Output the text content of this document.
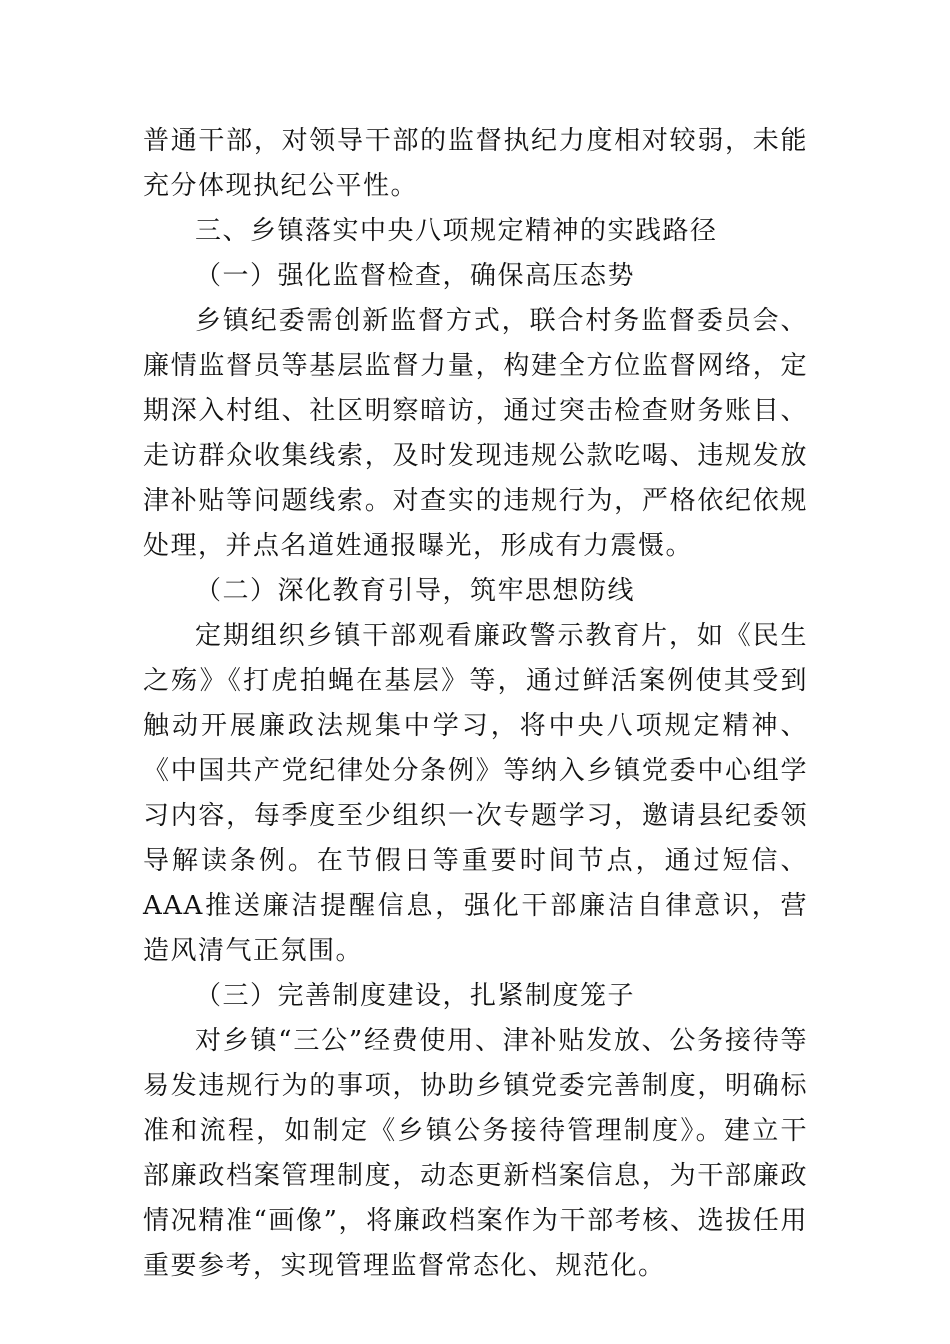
普通干部，对领导干部的监督执纪力度相对较弱，未能充分体现执纪公平性。

三、乡镇落实中央八项规定精神的实践路径

（一）强化监督检查，确保高压态势

乡镇纪委需创新监督方式，联合村务监督委员会、廉情监督员等基层监督力量，构建全方位监督网络，定期深入村组、社区明察暗访，通过突击检查财务账目、走访群众收集线索，及时发现违规公款吃喝、违规发放津补贴等问题线索。对查实的违规行为，严格依纪依规处理，并点名道姓通报曝光，形成有力震慑。

（二）深化教育引导，筑牢思想防线

定期组织乡镇干部观看廉政警示教育片，如《民生之殇》《打虎拍蝇在基层》等，通过鲜活案例使其受到触动开展廉政法规集中学习，将中央八项规定精神、《中国共产党纪律处分条例》等纳入乡镇党委中心组学习内容，每季度至少组织一次专题学习，邀请县纪委领导解读条例。在节假日等重要时间节点，通过短信、AAA推送廉洁提醒信息，强化干部廉洁自律意识，营造风清气正氛围。

（三）完善制度建设，扎紧制度笼子

对乡镇“三公”经费使用、津补贴发放、公务接待等易发违规行为的事项，协助乡镇党委完善制度，明确标准和流程，如制定《乡镇公务接待管理制度》。建立干部廉政档案管理制度，动态更新档案信息，为干部廉政情况精准“画像”，将廉政档案作为干部考核、选拔任用重要参考，实现管理监督常态化、规范化。
